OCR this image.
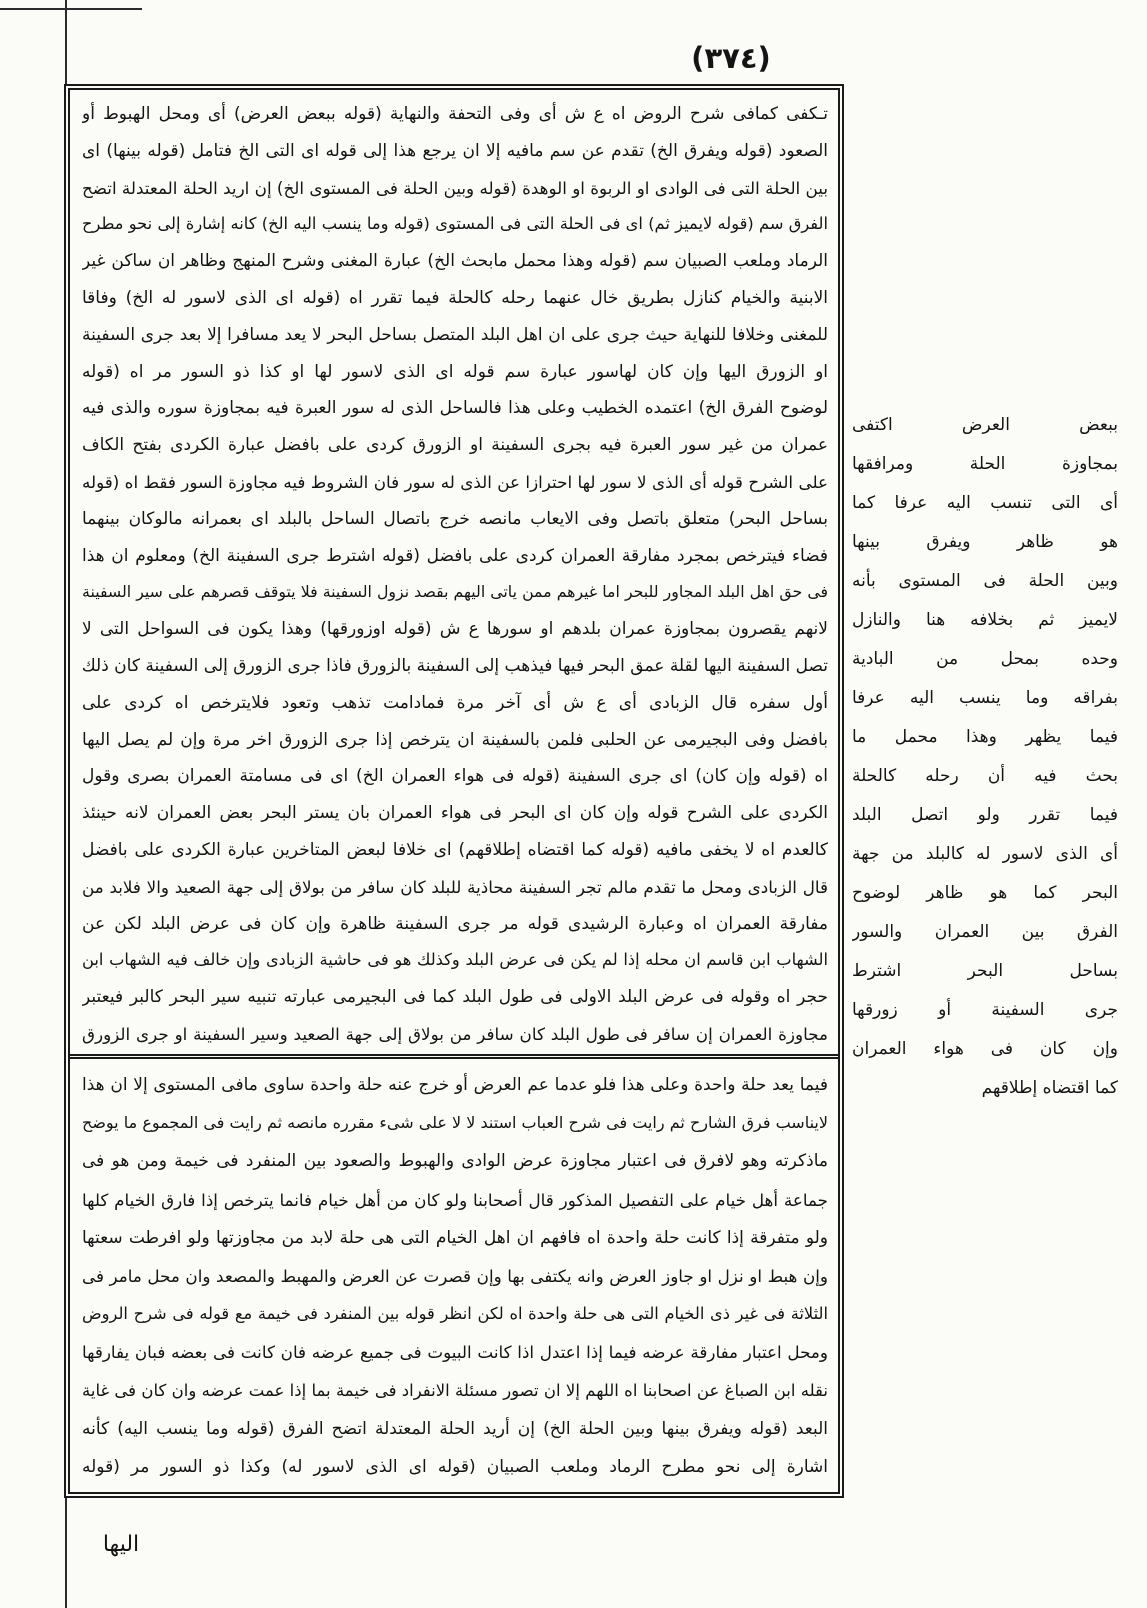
(٣٧٤)
تـكفى كمافى شرح الروض اه ع ش أى وفى التحفة والنهاية (قوله ببعض العرض) أى ومحل الهبوط أو
الصعود (قوله ويفرق الخ) تقدم عن سم مافيه إلا ان يرجع هذا إلى قوله اى التى الخ فتامل (قوله بينها) اى
بين الحلة التى فى الوادى او الربوة او الوهدة (قوله وبين الحلة فى المستوى الخ) إن اريد الحلة المعتدلة اتضح
الفرق سم (قوله لايميز ثم) اى فى الحلة التى فى المستوى (قوله وما ينسب اليه الخ) كانه إشارة إلى نحو مطرح
الرماد وملعب الصبيان سم (قوله وهذا محمل مابحث الخ) عبارة المغنى وشرح المنهج وظاهر ان ساكن غير
الابنية والخيام كنازل بطريق خال عنهما رحله كالحلة فيما تقرر اه (قوله اى الذى لاسور له الخ) وفاقا
للمغنى وخلافا للنهاية حيث جرى على ان اهل البلد المتصل بساحل البحر لا يعد مسافرا إلا بعد جرى السفينة
او الزورق اليها وإن كان لهاسور عبارة سم قوله اى الذى لاسور لها او كذا ذو السور مر اه (قوله
لوضوح الفرق الخ) اعتمده الخطيب وعلى هذا فالساحل الذى له سور العبرة فيه بمجاوزة سوره والذى فيه
عمران من غير سور العبرة فيه بجرى السفينة او الزورق كردى على بافضل عبارة الكردى بفتح الكاف
على الشرح قوله أى الذى لا سور لها احترازا عن الذى له سور فان الشروط فيه مجاوزة السور فقط اه (قوله
بساحل البحر) متعلق باتصل وفى الايعاب مانصه خرج باتصال الساحل بالبلد اى بعمرانه مالوكان بينهما
فضاء فيترخص بمجرد مفارقة العمران كردى على بافضل (قوله اشترط جرى السفينة الخ) ومعلوم ان هذا
فى حق اهل البلد المجاور للبحر اما غيرهم ممن ياتى اليهم بقصد نزول السفينة فلا يتوقف قصرهم على سير السفينة
لانهم يقصرون بمجاوزة عمران بلدهم او سورها ع ش (قوله اوزورقها) وهذا يكون فى السواحل التى لا
تصل السفينة اليها لقلة عمق البحر فيها فيذهب إلى السفينة بالزورق فاذا جرى الزورق إلى السفينة كان ذلك
أول سفره قال الزبادى أى ع ش أى آخر مرة فمادامت تذهب وتعود فلايترخص اه كردى على
بافضل وفى البجيرمى عن الحلبى فلمن بالسفينة ان يترخص إذا جرى الزورق اخر مرة وإن لم يصل اليها
اه (قوله وإن كان) اى جرى السفينة (قوله فى هواء العمران الخ) اى فى مسامتة العمران بصرى وقول
الكردى على الشرح قوله وإن كان اى البحر فى هواء العمران بان يستر البحر بعض العمران لانه حينئذ
كالعدم اه لا يخفى مافيه (قوله كما اقتضاه إطلاقهم) اى خلافا لبعض المتاخرين عبارة الكردى على بافضل
قال الزبادى ومحل ما تقدم مالم تجر السفينة محاذية للبلد كان سافر من بولاق إلى جهة الصعيد والا فلابد من
مفارقة العمران اه وعبارة الرشيدى قوله مر جرى السفينة ظاهرة وإن كان فى عرض البلد لكن عن
الشهاب ابن قاسم ان محله إذا لم يكن فى عرض البلد وكذلك هو فى حاشية الزبادى وإن خالف فيه الشهاب ابن
حجر اه وقوله فى عرض البلد الاولى فى طول البلد كما فى البجيرمى عبارته تنبيه سير البحر كالبر فيعتبر
مجاوزة العمران إن سافر فى طول البلد كان سافر من بولاق إلى جهة الصعيد وسير السفينة او جرى الزورق
فيما يعد حلة واحدة وعلى هذا فلو عدما عم العرض أو خرج عنه حلة واحدة ساوى مافى المستوى إلا ان هذا
لايناسب فرق الشارح ثم رايت فى شرح العباب استند لا لا على شىء مقرره مانصه ثم رايت فى المجموع ما يوضح
ماذكرته وهو لافرق فى اعتبار مجاوزة عرض الوادى والهبوط والصعود بين المنفرد فى خيمة ومن هو فى
جماعة أهل خيام على التفصيل المذكور قال أصحابنا ولو كان من أهل خيام فانما يترخص إذا فارق الخيام كلها
ولو متفرقة إذا كانت حلة واحدة اه فافهم ان اهل الخيام التى هى حلة لابد من مجاوزتها ولو افرطت سعتها
وإن هبط او نزل او جاوز العرض وانه يكتفى بها وإن قصرت عن العرض والمهبط والمصعد وان محل مامر فى
الثلاثة فى غير ذى الخيام التى هى حلة واحدة اه لكن انظر قوله بين المنفرد فى خيمة مع قوله فى شرح الروض
ومحل اعتبار مفارقة عرضه فيما إذا اعتدل اذا كانت البيوت فى جميع عرضه فان كانت فى بعضه فبان يفارقها
نقله ابن الصباغ عن اصحابنا اه اللهم إلا ان تصور مسئلة الانفراد فى خيمة بما إذا عمت عرضه وان كان فى غاية
البعد (قوله ويفرق بينها وبين الحلة الخ) إن أريد الحلة المعتدلة اتضح الفرق (قوله وما ينسب اليه) كأنه
اشارة إلى نحو مطرح الرماد وملعب الصبيان (قوله اى الذى لاسور له) وكذا ذو السور مر (قوله
ببعض العرض اكتفى
بمجاوزة الحلة ومرافقها
أى التى تنسب اليه عرفا كما
هو ظاهر ويفرق بينها
وبين الحلة فى المستوى بأنه
لايميز ثم بخلافه هنا والنازل
وحده بمحل من البادية
بفراقه وما ينسب اليه عرفا
فيما يظهر وهذا محمل ما
بحث فيه أن رحله كالحلة
فيما تقرر ولو اتصل البلد
أى الذى لاسور له كالبلد من جهة
البحر كما هو ظاهر لوضوح
الفرق بين العمران والسور
بساحل البحر اشترط
جرى السفينة أو زورقها
وإن كان فى هواء العمران
كما اقتضاه إطلاقهم
اليها
